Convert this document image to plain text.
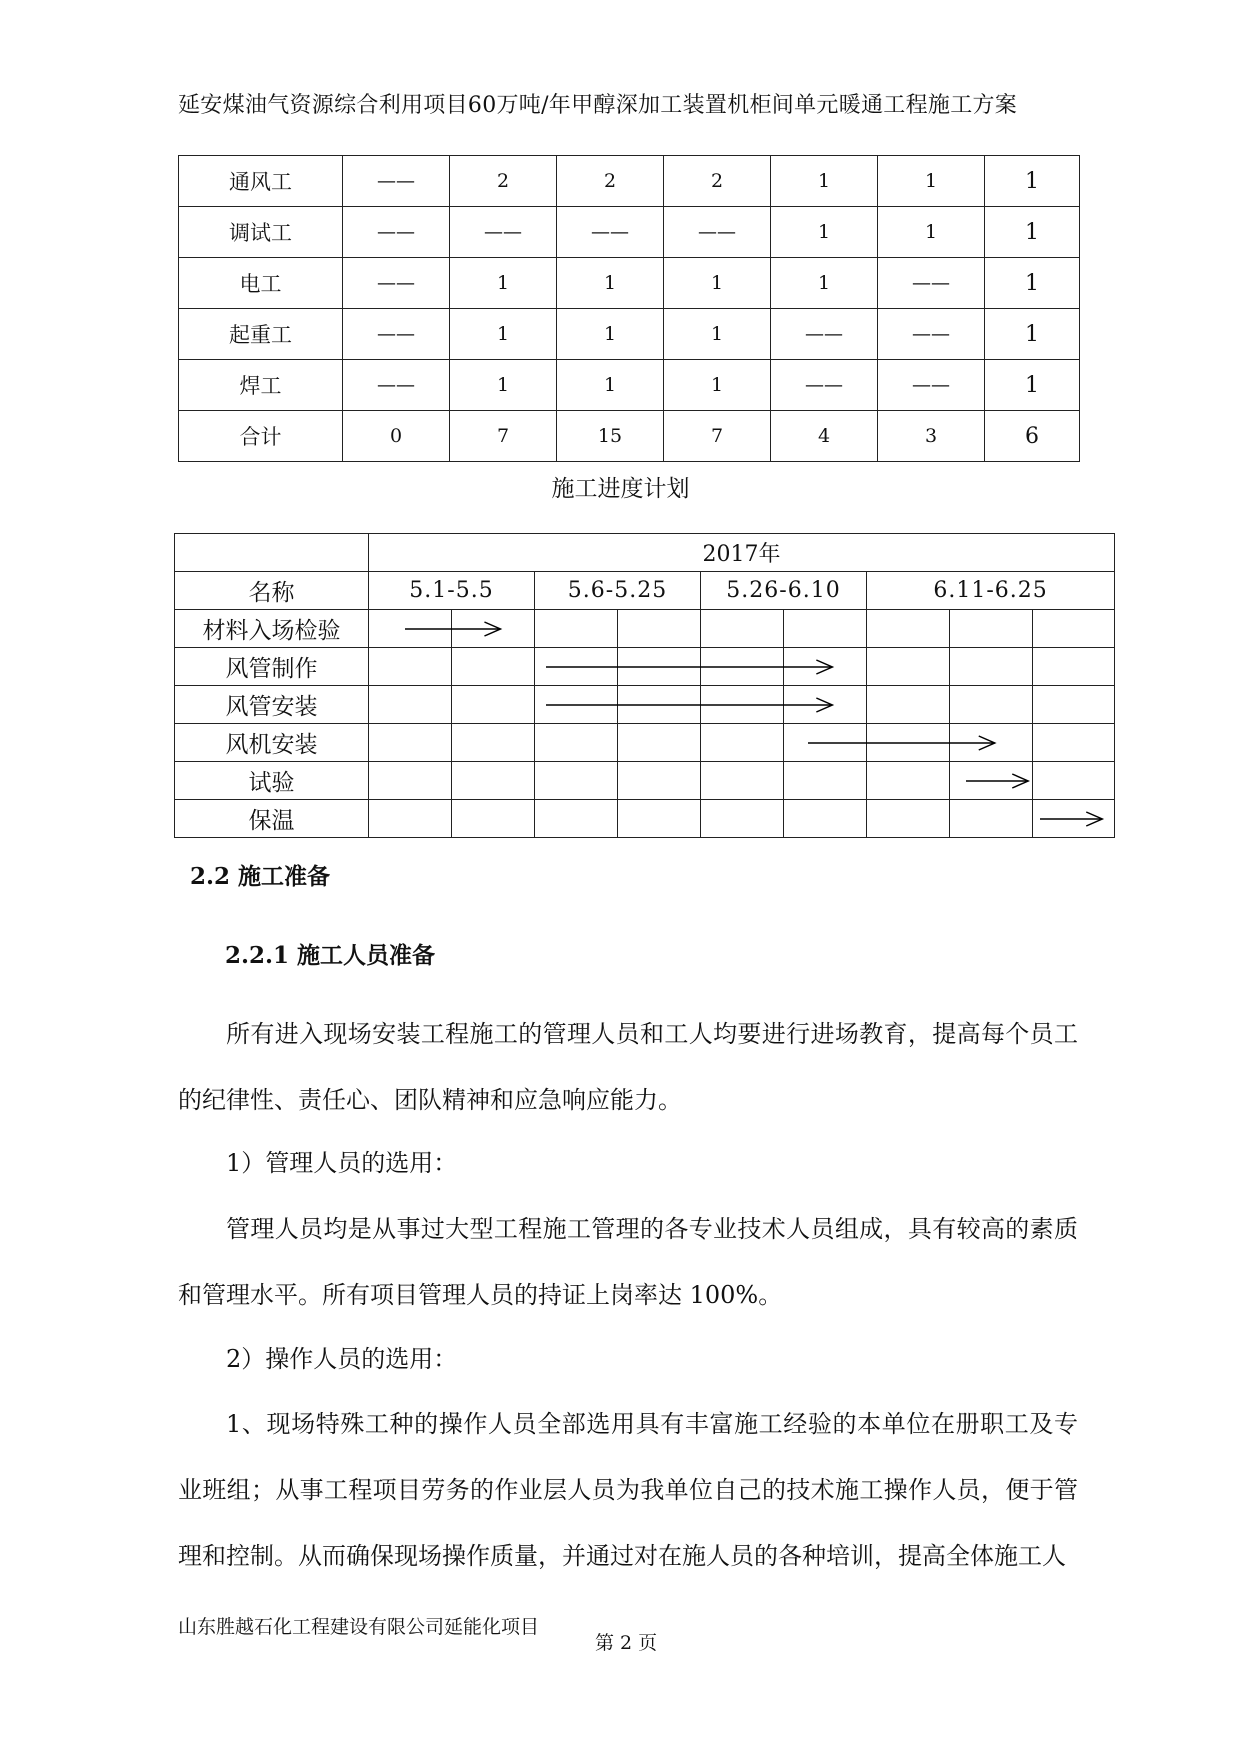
延安煤油气资源综合利用项目60万吨/年甲醇深加工装置机柜间单元暖通工程施工方案
通风工	——	2	2	2	1	1	1
调试工	——	——	——	——	1	1	1
电工	——	1	1	1	1	——	1
起重工	——	1	1	1	——	——	1
焊工	——	1	1	1	——	——	1
合计	0	7	15	7	4	3	6
施工进度计划
	2017年								
名称	5.1-5.5		5.6-5.25		5.26-6.10		6.11-6.25		
材料入场检验									
风管制作									
风管安装									
风机安装									
试验									
保温									
2.2 施工准备
2.2.1 施工人员准备
所有进入现场安装工程施工的管理人员和工人均要进行进场教育，提高每个员工的纪律性、责任心、团队精神和应急响应能力。
1）管理人员的选用：
管理人员均是从事过大型工程施工管理的各专业技术人员组成，具有较高的素质和管理水平。所有项目管理人员的持证上岗率达 100%。
2）操作人员的选用：
1、现场特殊工种的操作人员全部选用具有丰富施工经验的本单位在册职工及专业班组；从事工程项目劳务的作业层人员为我单位自己的技术施工操作人员，便于管理和控制。从而确保现场操作质量，并通过对在施人员的各种培训，提高全体施工人
山东胜越石化工程建设有限公司延能化项目
第 2 页
